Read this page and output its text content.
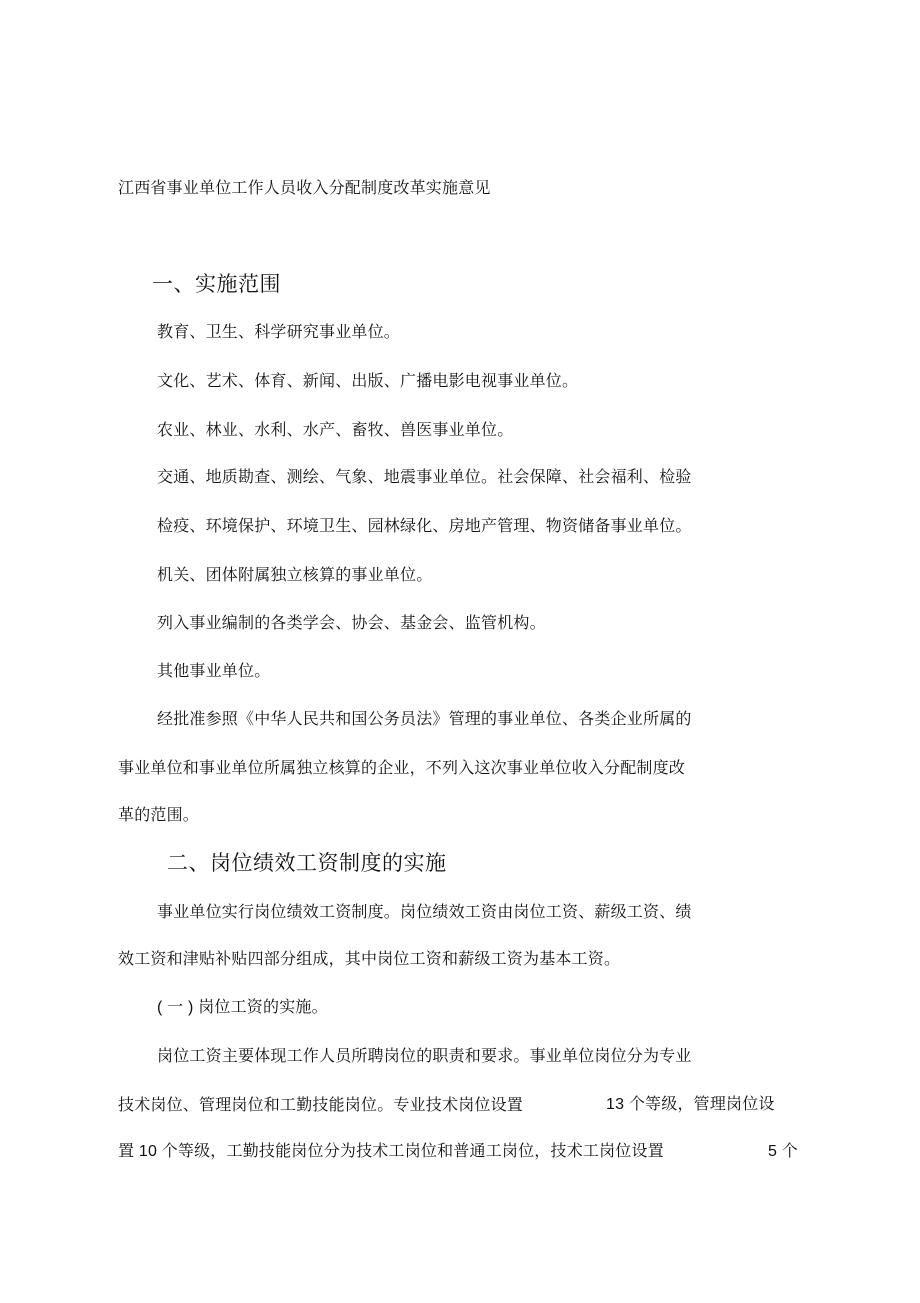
江西省事业单位工作人员收入分配制度改革实施意见
一、实施范围
教育、卫生、科学研究事业单位。
文化、艺术、体育、新闻、出版、广播电影电视事业单位。
农业、林业、水利、水产、畜牧、兽医事业单位。
交通、地质勘查、测绘、气象、地震事业单位。社会保障、社会福利、检验
检疫、环境保护、环境卫生、园林绿化、房地产管理、物资储备事业单位。
机关、团体附属独立核算的事业单位。
列入事业编制的各类学会、协会、基金会、监管机构。
其他事业单位。
经批准参照《中华人民共和国公务员法》管理的事业单位、各类企业所属的
事业单位和事业单位所属独立核算的企业，不列入这次事业单位收入分配制度改
革的范围。
二、岗位绩效工资制度的实施
事业单位实行岗位绩效工资制度。岗位绩效工资由岗位工资、薪级工资、绩
效工资和津贴补贴四部分组成，其中岗位工资和薪级工资为基本工资。
( 一 ) 岗位工资的实施。
岗位工资主要体现工作人员所聘岗位的职责和要求。事业单位岗位分为专业
技术岗位、管理岗位和工勤技能岗位。专业技术岗位设置	13 个等级，管理岗位设
置 10 个等级，工勤技能岗位分为技术工岗位和普通工岗位，技术工岗位设置	5 个
